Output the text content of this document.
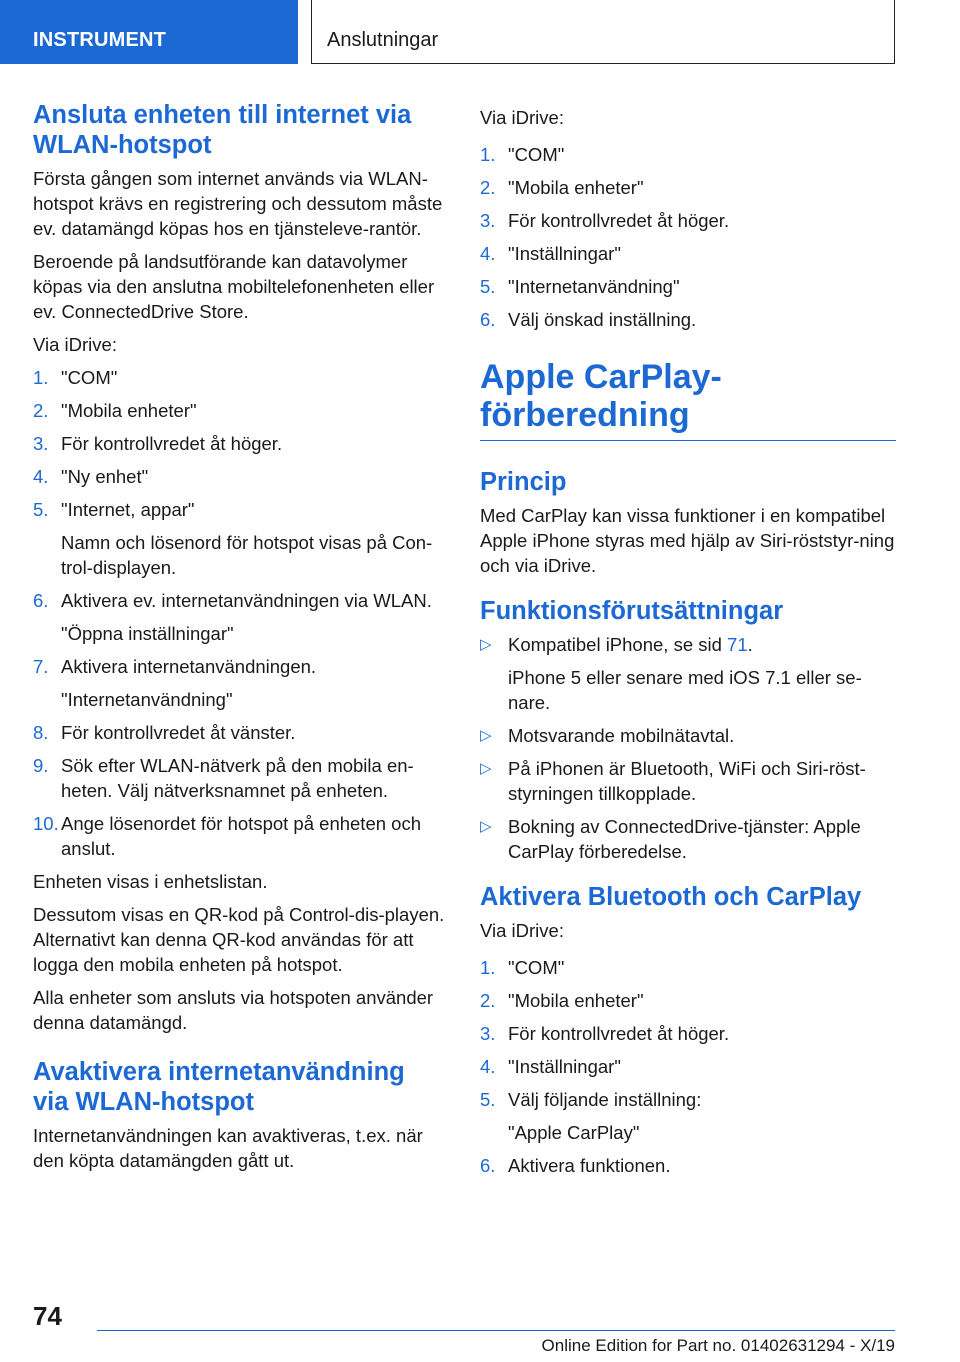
INSTRUMENT	Anslutningar
Ansluta enheten till internet via WLAN-hotspot

Första gången som internet används via WLAN-hotspot krävs en registrering och dessutom måste ev. datamängd köpas hos en tjänsteleve-rantör.

Beroende på landsutförande kan datavolymer köpas via den anslutna mobiltelefonenheten eller ev. ConnectedDrive Store.

Via iDrive:

1. "COM"
2. "Mobila enheter"
3. För kontrollvredet åt höger.
4. "Ny enhet"
5. "Internet, appar"
Namn och lösenord för hotspot visas på Con-trol-displayen.
6. Aktivera ev. internetanvändningen via WLAN.
"Öppna inställningar"
7. Aktivera internetanvändningen.
"Internetanvändning"
8. För kontrollvredet åt vänster.
9. Sök efter WLAN-nätverk på den mobila en-heten. Välj nätverksnamnet på enheten.
10. Ange lösenordet för hotspot på enheten och anslut.

Enheten visas i enhetslistan.

Dessutom visas en QR-kod på Control-dis-playen. Alternativt kan denna QR-kod användas för att logga den mobila enheten på hotspot.

Alla enheter som ansluts via hotspoten använder denna datamängd.

Avaktivera internetanvändning via WLAN-hotspot

Internetanvändningen kan avaktiveras, t.ex. när den köpta datamängden gått ut.

Via iDrive:

1. "COM"
2. "Mobila enheter"
3. För kontrollvredet åt höger.
4. "Inställningar"
5. "Internetanvändning"
6. Välj önskad inställning.
Apple CarPlay-förberedning
Princip

Med CarPlay kan vissa funktioner i en kompatibel Apple iPhone styras med hjälp av Siri-röststyr-ning och via iDrive.

Funktionsförutsättningar
▷ Kompatibel iPhone, se sid 71.
iPhone 5 eller senare med iOS 7.1 eller se-nare.
▷ Motsvarande mobilnätavtal.
▷ På iPhonen är Bluetooth, WiFi och Siri-röst-styrningen tillkopplade.
▷ Bokning av ConnectedDrive-tjänster: Apple CarPlay förberedelse.
Aktivera Bluetooth och CarPlay

Via iDrive:

1. "COM"
2. "Mobila enheter"
3. För kontrollvredet åt höger.
4. "Inställningar"
5. Välj följande inställning:
"Apple CarPlay"
6. Aktivera funktionen.
74
Online Edition for Part no. 01402631294 - X/19
